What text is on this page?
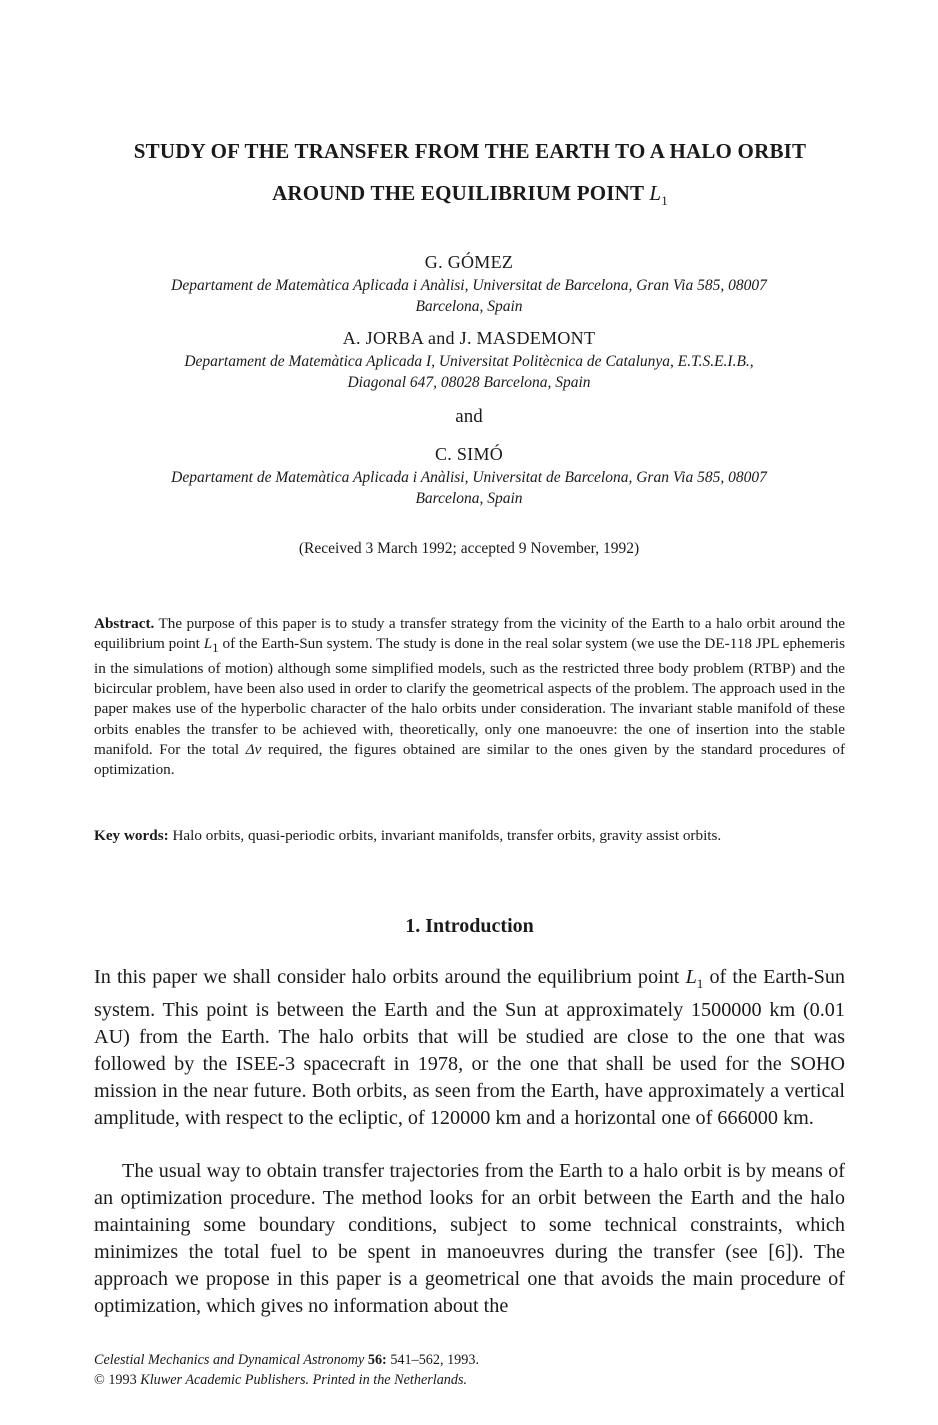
STUDY OF THE TRANSFER FROM THE EARTH TO A HALO ORBIT

AROUND THE EQUILIBRIUM POINT $L_1$

G. GÓMEZ

Departament de Matemàtica Aplicada i Anàlisi, Universitat de Barcelona, Gran Via 585, 08007
Barcelona, Spain

A. JORBA and J. MASDEMONT

Departament de Matemàtica Aplicada I, Universitat Politècnica de Catalunya, E.T.S.E.I.B.,
Diagonal 647, 08028 Barcelona, Spain

and

C. SIMÓ

Departament de Matemàtica Aplicada i Anàlisi, Universitat de Barcelona, Gran Via 585, 08007
Barcelona, Spain

(Received 3 March 1992; accepted 9 November, 1992)

Abstract. The purpose of this paper is to study a transfer strategy from the vicinity of the Earth to a halo orbit around the equilibrium point $L_1$ of the Earth-Sun system. The study is done in the real solar system (we use the DE-118 JPL ephemeris in the simulations of motion) although some simplified models, such as the restricted three body problem (RTBP) and the bicircular problem, have been also used in order to clarify the geometrical aspects of the problem. The approach used in the paper makes use of the hyperbolic character of the halo orbits under consideration. The invariant stable manifold of these orbits enables the transfer to be achieved with, theoretically, only one manoeuvre: the one of insertion into the stable manifold. For the total Δv required, the figures obtained are similar to the ones given by the standard procedures of optimization.

Key words: Halo orbits, quasi-periodic orbits, invariant manifolds, transfer orbits, gravity assist orbits.

1. Introduction

In this paper we shall consider halo orbits around the equilibrium point $L_1$ of the Earth-Sun system. This point is between the Earth and the Sun at approximately 1500000 km (0.01 AU) from the Earth. The halo orbits that will be studied are close to the one that was followed by the ISEE-3 spacecraft in 1978, or the one that shall be used for the SOHO mission in the near future. Both orbits, as seen from the Earth, have approximately a vertical amplitude, with respect to the ecliptic, of 120000 km and a horizontal one of 666000 km.

The usual way to obtain transfer trajectories from the Earth to a halo orbit is by means of an optimization procedure. The method looks for an orbit between the Earth and the halo maintaining some boundary conditions, subject to some technical constraints, which minimizes the total fuel to be spent in manoeuvres during the transfer (see [6]). The approach we propose in this paper is a geometrical one that avoids the main procedure of optimization, which gives no information about the

Celestial Mechanics and Dynamical Astronomy 56: 541–562, 1993.

© 1993 Kluwer Academic Publishers. Printed in the Netherlands.
